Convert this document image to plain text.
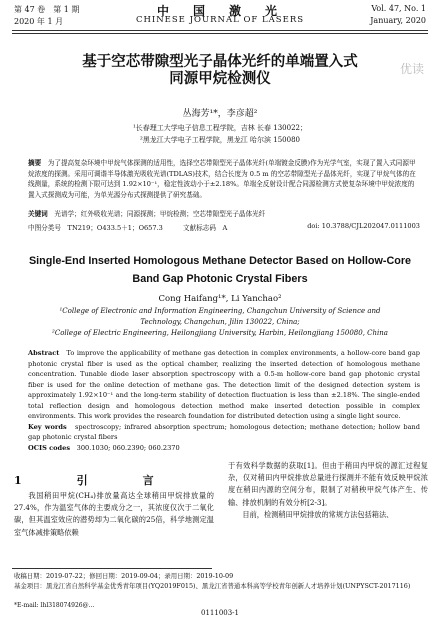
第 47 卷　第 1 期
2020 年 1 月
中　国　激　光
CHINESE JOURNAL OF LASERS
Vol. 47, No. 1
January, 2020
基于空芯带隙型光子晶体光纤的单端置入式
同源甲烷检测仪
丛海芳¹*，李彦超²
¹长春理工大学电子信息工程学院，吉林 长春 130022；
²黑龙江大学电子工程学院，黑龙江 哈尔滨 150080
摘要　 为了提高复杂环境中甲烷气体探测的适用性，选择空芯带隙型光子晶体光纤(单端镀金反膜)作为光学气室，实现了置入式同源甲烷浓度的探测。采用可调谐半导体激光吸收光谱(TDLAS)技术，结合长度为 0.5 m 的空芯带隙型光子晶体光纤，实现了甲烷气体的在线测量，系统的检测下限可达到 1.92×10⁻¹，稳定性波动小于±2.18%。单端全反射设计配合同源检测方式使复杂环境中甲烷浓度的置入式探测成为可能，为单光源分布式探测提供了研究基础。
关键词　 光谱学；红外吸收光谱；同源探测；甲烷检测；空芯带隙型光子晶体光纤
中图分类号　TN219；O433.5＋1；O657.3	文献标志码　A	doi: 10.3788/CJL202047.0111003
Single-End Inserted Homologous Methane Detector Based on Hollow-Core
Band Gap Photonic Crystal Fibers
Cong Haifang¹*, Li Yanchao²
¹College of Electronic and Information Engineering, Changchun University of Science and Technology, Changchun, Jilin 130022, China;
²College of Electric Engineering, Heilongjiang University, Harbin, Heilongjiang 150080, China
Abstract　 To improve the applicability of methane gas detection in complex environments, a hollow-core band gap photonic crystal fiber is used as the optical chamber, realizing the inserted detection of homologous methane concentration. Tunable diode laser absorption spectroscopy with a 0.5-m hollow-core band gap photonic crystal fiber is used for the online detection of methane gas. The detection limit of the designed detection system is approximately 1.92×10⁻¹ and the long-term stability of detection fluctuation is less than ±2.18%. The single-ended total reflection design and homologous detection method make inserted detection possible in complex environments. This work provides the research foundation for distributed detection using a single light source.
Key words　 spectroscopy; infrared absorption spectrum; homologous detection; methane detection; hollow band gap photonic crystal fibers
OCIS codes　 300.1030; 060.2390; 060.2370
1　引　言
我国稍田甲烷(CH₄)排放量高达全球稍田甲烷排放量的27.4%，作为温室气体的主要成分之一，其浓度仅次于二氧化碳，但其温室效应的潜势却为二氧化碳的25倍，科学地测定温室气体减排策略依赖
于有效科学数据的获取[1]。但由于稍田内甲烷的源汇过程复杂，仅对稍田内甲烷排放总量进行探测并不能有效反映甲烷浓度在稍田内源的空间分布，限制了对稍秧甲烷气体产生、传输、排放机制的有效分析[2-3]。
　　目前，检测稍田甲烷排放的常规方法包括箱法、
收稿日期：2019-07-22；修回日期：2019-09-04；录用日期：2019-10-09
基金项目：黑龙江省自然科学基金优秀青年项目(YQ2019F015)、黑龙江省普通本科高等学校青年创新人才培养计划(UNPYSCT-2017116)
*E-mail: lhl318074926@...
0111003-1
优读
